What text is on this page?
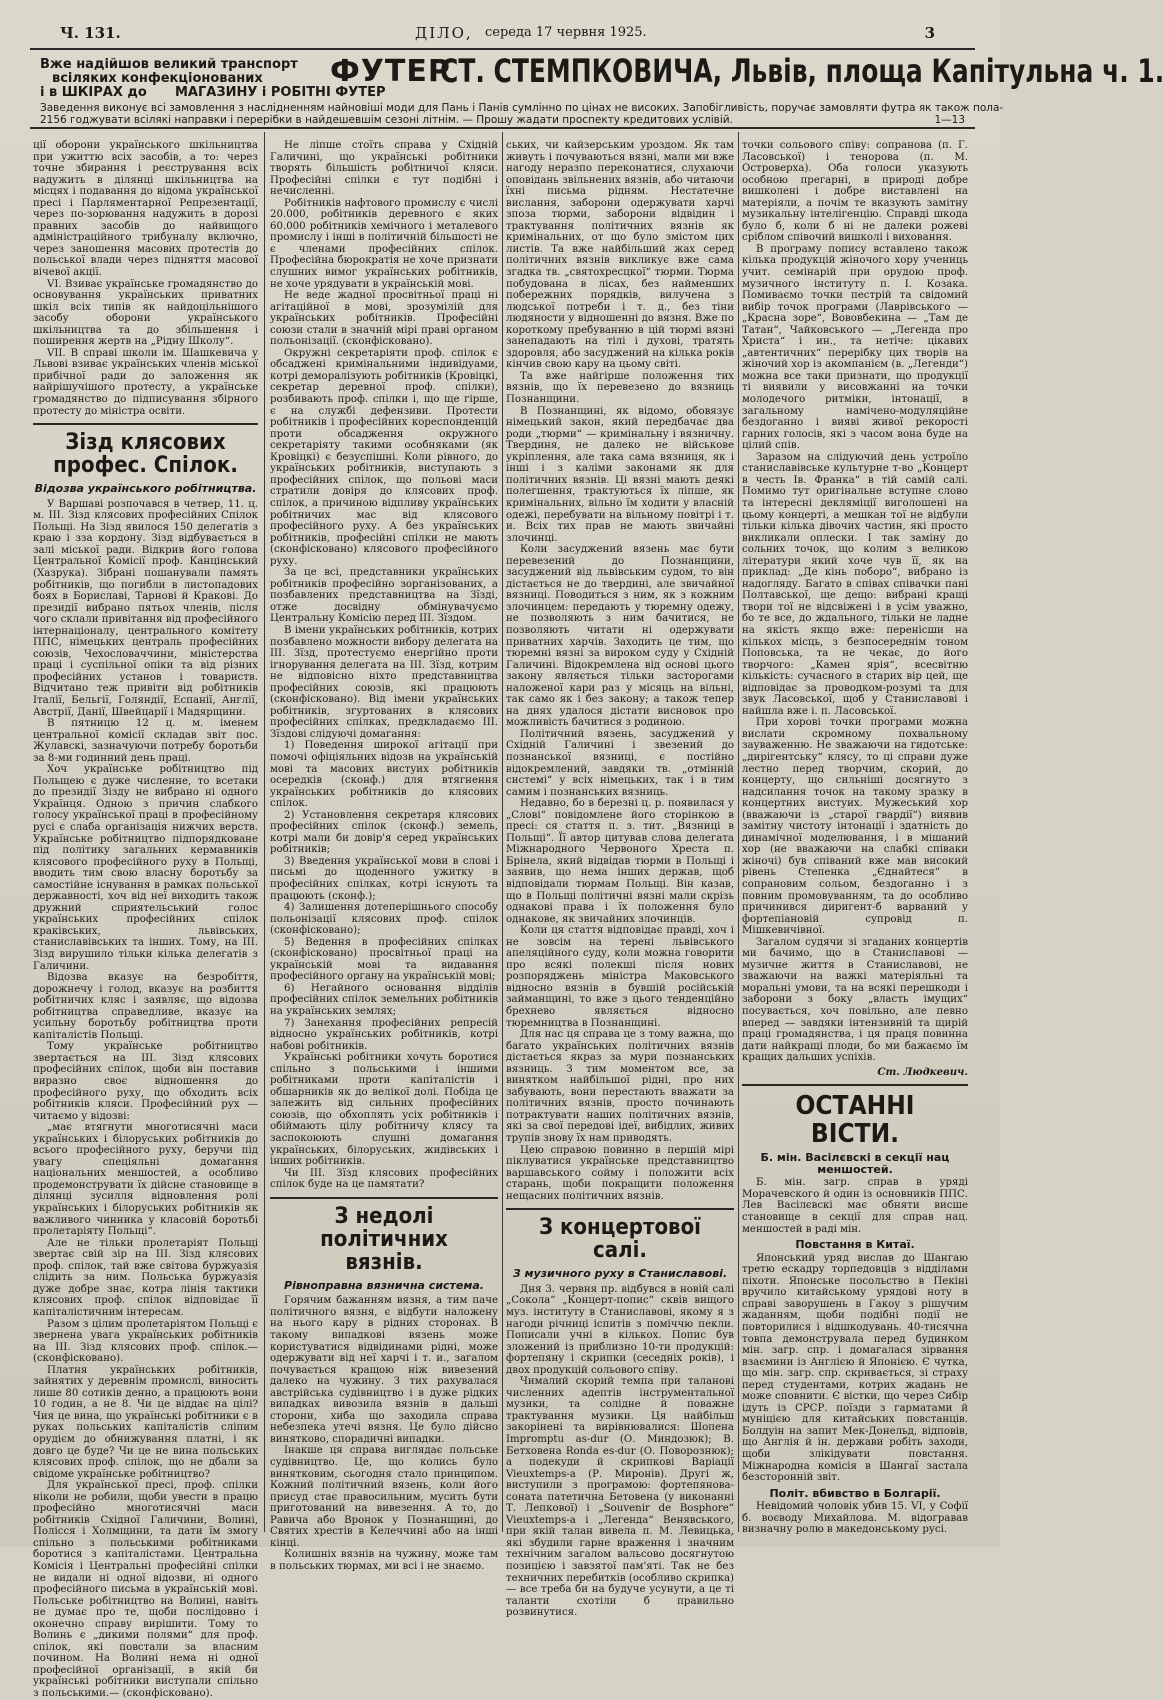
Ч. 131.	ДІЛО, середа 17 червня 1925.	3
Вже надійшов великий транспорт
всіляких конфекціонованих
і в ШКІРАХ до МАГАЗИНУ і РОБІТНІ ФУТЕР
ФУТЕР
СТ. СТЕМПКОВИЧА, Львів, площа Капітульна ч. 1.
Заведення виконує всі замовлення з наслідненням найновіші моди для Пань і Панів сумлінно по цінах не високих. Запобігливість, поручає замовляти футра як також пола-
2156 годжувати всілякі направки і перерібки в найдешевшім сезоні літнім. — Прошу жадати проспекту кредитових услівій.	1—13

ції оборони українського шкільництва при ужиттю всіх засобів, а то: через точне збирання і реєстрування всіх надужить в ділянці шкільництва на місцях і подавання до відома української пресі і Парляментарної Репрезентації, через по-зорювання надужить в дорозі правних засобів до найвищого адміністраційного трибуналу включно, через заношення масових протестів до польської влади через підняття масової вічевої акції.

VI. Взиває українське громадянство до основування українських приватних шкіл всіх типів як найдоцільнішого засобу оборони українського шкільництва та до збільшення і поширення жертв на „Рідну Школу“.

VII. В справі школи ім. Шашкевича у Львові взиває українських членів міської прибічної ради до заложення як найрішучішого протесту, а українське громадянство до підписування збірного протесту до міністра освіти.

Зізд клясових профес. Спілок.
Відозва українського робітництва.

У Варшаві розпочався в четвер, 11. ц. м. III. Зізд клясових професійних Спілок Польщі. На Зізд явилося 150 делегатів з краю і зза кордону. Зізд відбувається в залі міської ради. Відкрив його голова Центральної Комісії проф. Канцінський (Хазрука). Зібрані пошанували память робітників, що погибли в листопадових боях в Бориславі, Тарнові й Кракові. До президії вибрано пятьох членів, після чого склали привітання від професійного інтернаціоналу, центрального комітету ППС, німецьких централь професійних союзів, Чехословаччини, міністерства праці і суспільної опіки та від різних професійних установ і товариств. Відчитано теж привіти від робітників Італії, Бельгії, Голяндії, Еспанії, Англії, Австрії, Данії, Швейцарії і Мадярщини.

В пятницю 12 ц. м. іменем центральної комісії складав звіт пос. Жулавскі, зазначуючи потребу боротьби за 8-ми годинний день праці.

Хоч українське робітництво під Польщею є дуже численне, то всетаки до президії Зізду не вибрано ні одного Українця. Одною з причин слабкого голосу української праці в професійному русі є слаба організація нижчих верств. Українське робітництво підпорядковане під політику загальних кермавників клясового професійного руху в Польщі, вводить тим свою власну боротьбу за самостійне існування в рамках польської державності, хоч від неї виходить також дружний сприятельський голос українських професійних спілок краківських, львівських, станиславівських та інших. Тому, на III. Зізд вирушило тільки кілька делегатів з Галичини.

Відозва вказує на безробіття, дорожнечу і голод, вказує на розбиття робітничих кляс і заявляє, що відозва робітництва справедливе, вказує на усильну боротьбу робітництва проти капіталістів Польщі.

Тому українське робітництво звертається на III. Зізд клясових професійних спілок, щоби він поставив виразно своє відношення до професійного руху, що обходить всіх робітників кляси. Професійний рух — читаємо у відозві:

„має втягнути многотисячні маси українських і білоруських робітників до всього професійного руху, беручи під увагу спеціяльні домагання національних меншостей, а особливо продемонструвати їх дійсне становище в ділянці зусилля відновлення ролі українських і білоруських робітників як важливого чинника у класовій боротьбі пролетаріяту Польщі“.

Але не тільки пролетаріят Польщі звертає свій зір на III. Зізд клясових проф. спілок, тай вже світова буржуазія слідить за ним. Польська буржуазія дуже добре знає, котра лінія тактики клясових проф. спілок відповідає її капіталістичним інтересам.

Разом з цілим пролетаріятом Польщі є звернена увага українських робітників на III. Зізд клясових проф. спілок.— (сконфісковано).

Платня українських робітників, зайнятих у деревнім промислі, виносить лише 80 сотиків денно, а працюють вони 10 годин, а не 8. Чи це віддає на цілі? Чия це вина, що українські робітники є в руках польських капіталістів сліпим орудієм до обнижування платні, і як довго це буде? Чи це не вина польських клясових проф. спілок, що не дбали за свідоме українське робітництво?

Для української пресі, проф. спілки ніколи не робили, щоби увести в працю професійно многотисячні маси робітників Східної Галичини, Волині, Полісся і Холмщини, та дати їм змогу спільно з польськими робітниками боротися з капіталістами. Центральна Комісія і Центральні професійні спілки не видали ні одної відозви, ні одного професійного письма в українській мові. Польське робітництво на Волині, навіть не думає про те, щоби послідовно і оконечно справу вирішити. Тому то Волинь є „дикими полями“ для проф. спілок, які повстали за власним почином. На Волині нема ні одної професійної організації, в якій би українські робітники виступали спільно з польськими.— (сконфісковано).

Не ліпше стоїть справа у Східній Галичині, що українські робітники творять більшість робітничої кляси. Професійні спілки є тут подібні і нечисленні.

Робітників нафтового промислу є числі 20.000, робітників деревного є яких 60.000 робітників хемічного і металевого промислу і інші в політичній більшості не є членами професійних спілок. Професійна бюрократія не хоче признати слушних вимог українських робітників, не хоче урядувати в українській мові.

Не веде жадної просвітньої праці ні агітаційної в мові, зрозумілій для українських робітників. Професійні союзи стали в значній мірі праві органом польонізації. (сконфісковано).

Окружні секретаріяти проф. спілок є обсаджені кримінальними індивідуами, котрі деморалізують робітників (Кровіцкі, секретар деревної проф. спілки), розбивають проф. спілки і, що ще гірше, є на службі дефензиви. Протести робітників і професійних кореспонденцій проти обсадження окружного секретаріяту такими особняками (як Кровіцкі) є безуспішні. Коли рівного, до українських робітників, виступають з професійних спілок, що польові маси стратили довіря до клясових проф. спілок, а причиною відпливу українських робітничих мас від клясового професійного руху. А без українських робітників, професійні спілки не мають (сконфісковано) клясового професійного руху.

За це всі, представники українських робітників професійно зорганізованих, а позбавлених представництва на Зїзді, отже досвідну обмінувачуємо Центральну Комісію перед III. Зїздом.

В імени українських робітників, котрих позбавлено можности вибору делегата на III. Зїзд, протестуємо енергійно проти ігнорування делегата на III. Зїзд, котрим не відповісно ніхто представництва професійних союзів, які працюють (сконфісковано). Від імени українських робітників, згуртованих в клясових професійних спілках, предкладаємо III. Зїздові слідуючі домагання:

1) Поведення широкої агітації при помочі офіціяльних відозв на українській мові та масових вистуих робітників осередків (сконф.) для втягнення українських робітників до клясових спілок.

2) Установлення секретаря клясових професійних спілок (сконф.) земель, котрі мали би довір'я серед українських робітників;

3) Введення української мови в слові і письмі до щоденного ужитку в професійних спілках, котрі існують та працюють (сконф.);

4) Залишення дотеперішнього способу польонізації клясових проф. спілок (сконфісковано);

5) Ведення в професійних спілках (сконфісковано) просвітньої праці на українській мові та видавання професійного органу на українській мові;

6) Негайного основання відділів професійних спілок земельних робітників на українських землях;

7) Занехання професійних репресій відносно українських робітників, котрі набові робітників.

Українські робітники хочуть боротися спільно з польськими і іншими робітниками проти капіталістів і обшарників як до велікої долі. Побіда це залежить від сильних професійних союзів, що обхоплять усіх робітників і обіймають цілу робітничу клясу та заспокоюють слушні домагання українських, білоруських, жидівських і інших робітників.

Чи III. Зїзд клясових професійних спілок буде на це памятати?

З недолі політичних вязнів.
Рівноправна вязнична система.

Горячим бажанням вязня, а тим паче політичного вязня, є відбути наложену на нього кару в рідних сторонах. В такому випадкові вязень може користуватися відвідинами рідні, може одержувати від неї харчі і т. и., загалом почувається кращою ніж вивезений далеко на чужину. З тих рахувалася австрійська судівництво і в дуже рідких випадках вивозила вязнів в дальші сторони, хиба що заходила справа небезпека утечі вязня. Це було дійсно винятково, спорадичні випадки.

Інакше ця справа виглядає польське судівництво. Це, що колись було винятковим, сьогодня стало принципом. Кожний політичний вязень, коли його присуд стає правосильним, мусить бути приготований на вивезення. А то, до Равича або Вронок у Познанщині, до Святих хрестів в Келеччині або на інші кінці.

Колишніх вязнів на чужину, може там в польських тюрмах, ми всі і не знаємо.

ських, чи кайзерським уроздом. Як там живуть і почуваються вязні, мали ми вже нагоду неразпо переконатися, слухаючи оповідань звільнених вязнів, або читаючи їхні письма рідням. Нестатечне вислання, заборони одержувати харчі зпоза тюрми, заборони відвідин і трактування політичних вязнів як кримінальних, от що було змістом цих листів. Та вже найбільший жах серед політичних вязнів викликує вже сама згадка тв. „святохресцкої“ тюрми. Тюрма побудована в лісах, без найменших побережних порядків, вилучена з людської потреби і т. д., без тіни людяности у відношенні до вязня. Вже по короткому пребуванню в цій тюрмі вязні занепадають на тілі і духові, тратять здоровля, або засуджений на кілька років кінчив свою кару на цьому світі.

Та вже найгірше положення тих вязнів, що їх перевезено до вязниць Познанщини.

В Познанщині, як відомо, обовязує німецький закон, який передбачає два роди „тюрми“ — кримінальну і вязничну. Твердиня, не далеко не військове укріплення, але така сама вязниця, як і інші і з каліми законами як для політичних вязнів. Ці вязні мають деякі полегшення, трактуються їх ліпше, як кримінальних, вільно їм ходити у власній одежі, перебувати на вільному повітрі і т. и. Всіх тих прав не мають звичайні злочинці.

Коли засуджений вязень має бути перевезений до Познанщини, засуджений від львівським судом, то він дістається не до твердині, але звичайної вязниці. Поводиться з ним, як з кожним злочинцем: передають у тюремну одежу, не позволяють з ним бачитися, не позволяють читати ні одержувати приватних харчів. Заходить це тим, що тюремні вязні за вироком суду у Східній Галичині. Відокремлена від основі цього закону являється тільки засторогами наложеної кари раз у місяць на вільні, так само як і без закону; а також тепер на днях удалося дістати висновок про можливість бачитися з родиною.

Політичний вязень, засуджений у Східній Галичині і звезений до познанської вязниці, є постійно відокремлений, завдяки тв. „отмінній системі“ у всіх німецьких, так і в тим самим і познанських вязниць.

Недавно, бо в березні ц. р. появилася у „Слові“ повідомлене його сторінкою в пресі: ся стаття п. з. тит. „Вязниці в Польщі“. Її автор цитував слова делегата Міжнародного Червоного Хреста п. Брінела, який відвідав тюрми в Польщі і заявив, що нема інших держав, щоб відповідали тюрмам Польщі. Він казав, що в Польщі політичні вязні мали скрізь однакові права і їх положення було однакове, як звичайних злочинців.

Коли ця стаття відповідає правді, хоч і не зовсім на терені львівського апеляційного суду, коли можна говорити про всякі полекші після нових розпоряджень міністра Маковського відносно вязнів в бувшій російській займанщині, то вже з цього тенденційно брехнево являється відносно тюремництва в Познанщині.

Для нас ця справа це з тому важна, що багато українських політичних вязнів дістається якраз за мури познанських вязниць. З тим моментом все, за винятком найбільшої рідні, про них забувають, вони перестають вважати за політичних вязнів, просто починають потрактувати наших політичних вязнів, які за свої передові ідеї, вибідлих, живих трупів знову їх нам приводять.

Цею справою повинно в першій мірі піклуватися українське представництво варшавського сойму і положити всіх старань, щоби покращити положення нещасних політичних вязнів.

З концертової салі.
З музичного руху в Станиславові.

Дня 3. червня пр. відбувся в новій салі „Сокола“ „Концерт-попис“ сквів вищого муз. інституту в Станиславові, якому я з нагоди річниці іспитів з поміччю пекли. Пописали учні в кількох. Попис був зложений із приблизно 10-ти продукцій: фортепяну і скрипки (сеседніх років), і двох продукцій сольового співу.

Чималий скорий темпа при таланові численних адептів інструментальної музики, та солідне й поважне трактування музики. Ця найбільш закорінені та вирівнювалися: Шопена Impromptu as-dur (О. Миндозюк); В. Бетховена Ronda es-dur (О. Поворознюк); а подекуди й скрипкові Варіації Vieuxtemps-a (Р. Миронів). Другі ж, виступили з програмою: фортепянова-соната патетична Бетовена (у виконанні Т. Лепкової) і „Souvenir de Bosphore“ Vieuxtemps-a і „Легенда“ Венявського, при якій талан вивела п. М. Левицька, які збудили гарне враження і значним технічним загалом вальсово досягнутою позицією і завзятої пам'яті. Так не без техничних перебитків (особливо скрипка) — все треба би на будуче усунути, а це ті таланти схотіли б правильно розвинутися.

точки сольового співу: сопранова (п. Г. Ласовської) і тенорова (п. М. Островерха). Оба голоси указують особною прегарні, в природі добре вишколені і добре виставлені на матеріяли, а почім те вказують замітну музикальну інтелігенцію. Справді шкода було б, коли б ні не далеки рожеві сріблом співочий вишколі і виховання.

В програму попису вставлено також кілька продукцій жіночого хору учениць учит. семінарій при орудою проф. музичного інституту п. І. Козака. Помиваємо точки пестрій та свідомий вибір точок програми (Лаврівського — „Красна зоре“, Вововбекина — „Там де Татан“, Чайковського — „Легенда про Христа“ і ин., та нетіче: цікавих „автентичних“ перерібку цих творів на жіночий хор із акомпанієм (в. „Легенди“) можна все таки признати, що продукції ті виявили у висовжанні на точки молодечого ритміки, інтонації, в загальному намічено-модуляційне бездоганно і вияві живої рекорості гарних голосів, які з часом вона буде на цілий спів.

Заразом на слідуючий день устроїло станиславівське культурне т-во „Концерт в честь Ів. Франка“ в тій самій салі. Помимо тут оригінальне вступне слово та інтересні декляміції виголошені на цьому концерті, а мешкан тої не відбули тільки кілька дівочих частин, які просто викликали оплески. І так заміну до сольних точок, що колим з великою літератури який хоче чув її, як на приклад: „Де кінь поборо“, вибрано із надогляду. Багато в співах співачки пані Полтавської, ще дещо: вибрані кращі твори тої не відсвіжені і в усім уважно, бо те все, до ждального, тільки не ладне на якість якщо вже: перенісши на кількох місць, з безпосереднім тоном Поповська, та не чекає, до його творчого: „Камен ярія“, всесвітню кількість: сучасного в старих вір цей, ще відповідає за проводком-розумі та для звук Ласовської, щоб у Станиславові і найшла вже і. п. Ласовської.

При хорові точки програми можна вислати скромному похвальному зауваженню. Не зважаючи на гидотське: „дирігентську“ клясу, то ці справи дуже лестно перед творчим, скорий, до концерту, що сильніші досягнуто з надсилання точок на такому зразку в концертних вистуих. Мужеський хор (вважаючи із „старої гвардії“) виявив замітну чистоту інтонації і здатність до динамічної моделювання, і в мішаний хор (не вважаючи на слабкі співаки жіночі) був співаний вже мав високий рівень Степенка „Єднайтеся“ в сопрановим сольом, бездоганно і з повним промовуванням, та до особливо причинився диригент-б варваний у фортепіановій супровід п. Мішкевичівної.

Загалом судячи зі згаданих концертів ми бачимо, що в Станиславові — музичне життя в Станиславові, не зважаючи на важкі матеріяльні та моральні умови, та на всякі перешкоди і заборони з боку „власть імущих“ посувається, хоч повільно, але певно вперед — завдяки інтензивній та щирій праці громадянства, і ця праця повинна дати найкращі плоди, бо ми бажаємо їм кращих дальших успіхів.

Ст. Людкевич.
ОСТАННІ ВІСТИ.
Б. мін. Васілєвскі в секції нац меншостей.

Б. мін. загр. справ в уряді Морачевского й один із основників ППС. Лев Васілєвскі має обняти висше становище в секції для справ нац. меншостей в раді мін.

Повстання в Китаї.

Японський уряд вислав до Шангаю третю ескадру торпедовців з відділами піхоти. Японське посольство в Пекіні вручило китайському урядові ноту в справі заворушень в Гакоу з рішучим жаданням, щоби подібні події не повторилися і відшкодувань. 40-тисячна товпа демонструвала перед будинком мін. загр. спр. і домагалася зірвання взаємини із Англією й Японією. Є чутка, що мін. загр. спр. скривається, зі страху перед студентами, котрих жадань не може сповнити. Є вістки, що через Сибір ідуть із СРСР. поїзди з гарматами й муніцією для китайських повстанців. Болдуін на запит Мек-Донельд, відповів, що Англія й ін. держави робіть заходи, щоби злікідувати повстання. Міжнародна комісія в Шангаї застала безсторонній звіт.

Політ. вбивство в Болгарії.

Невідомий чоловік убив 15. VI, у Софії б. воєводу Михайлова. М. відогравав визначну ролю в македонському русі.
